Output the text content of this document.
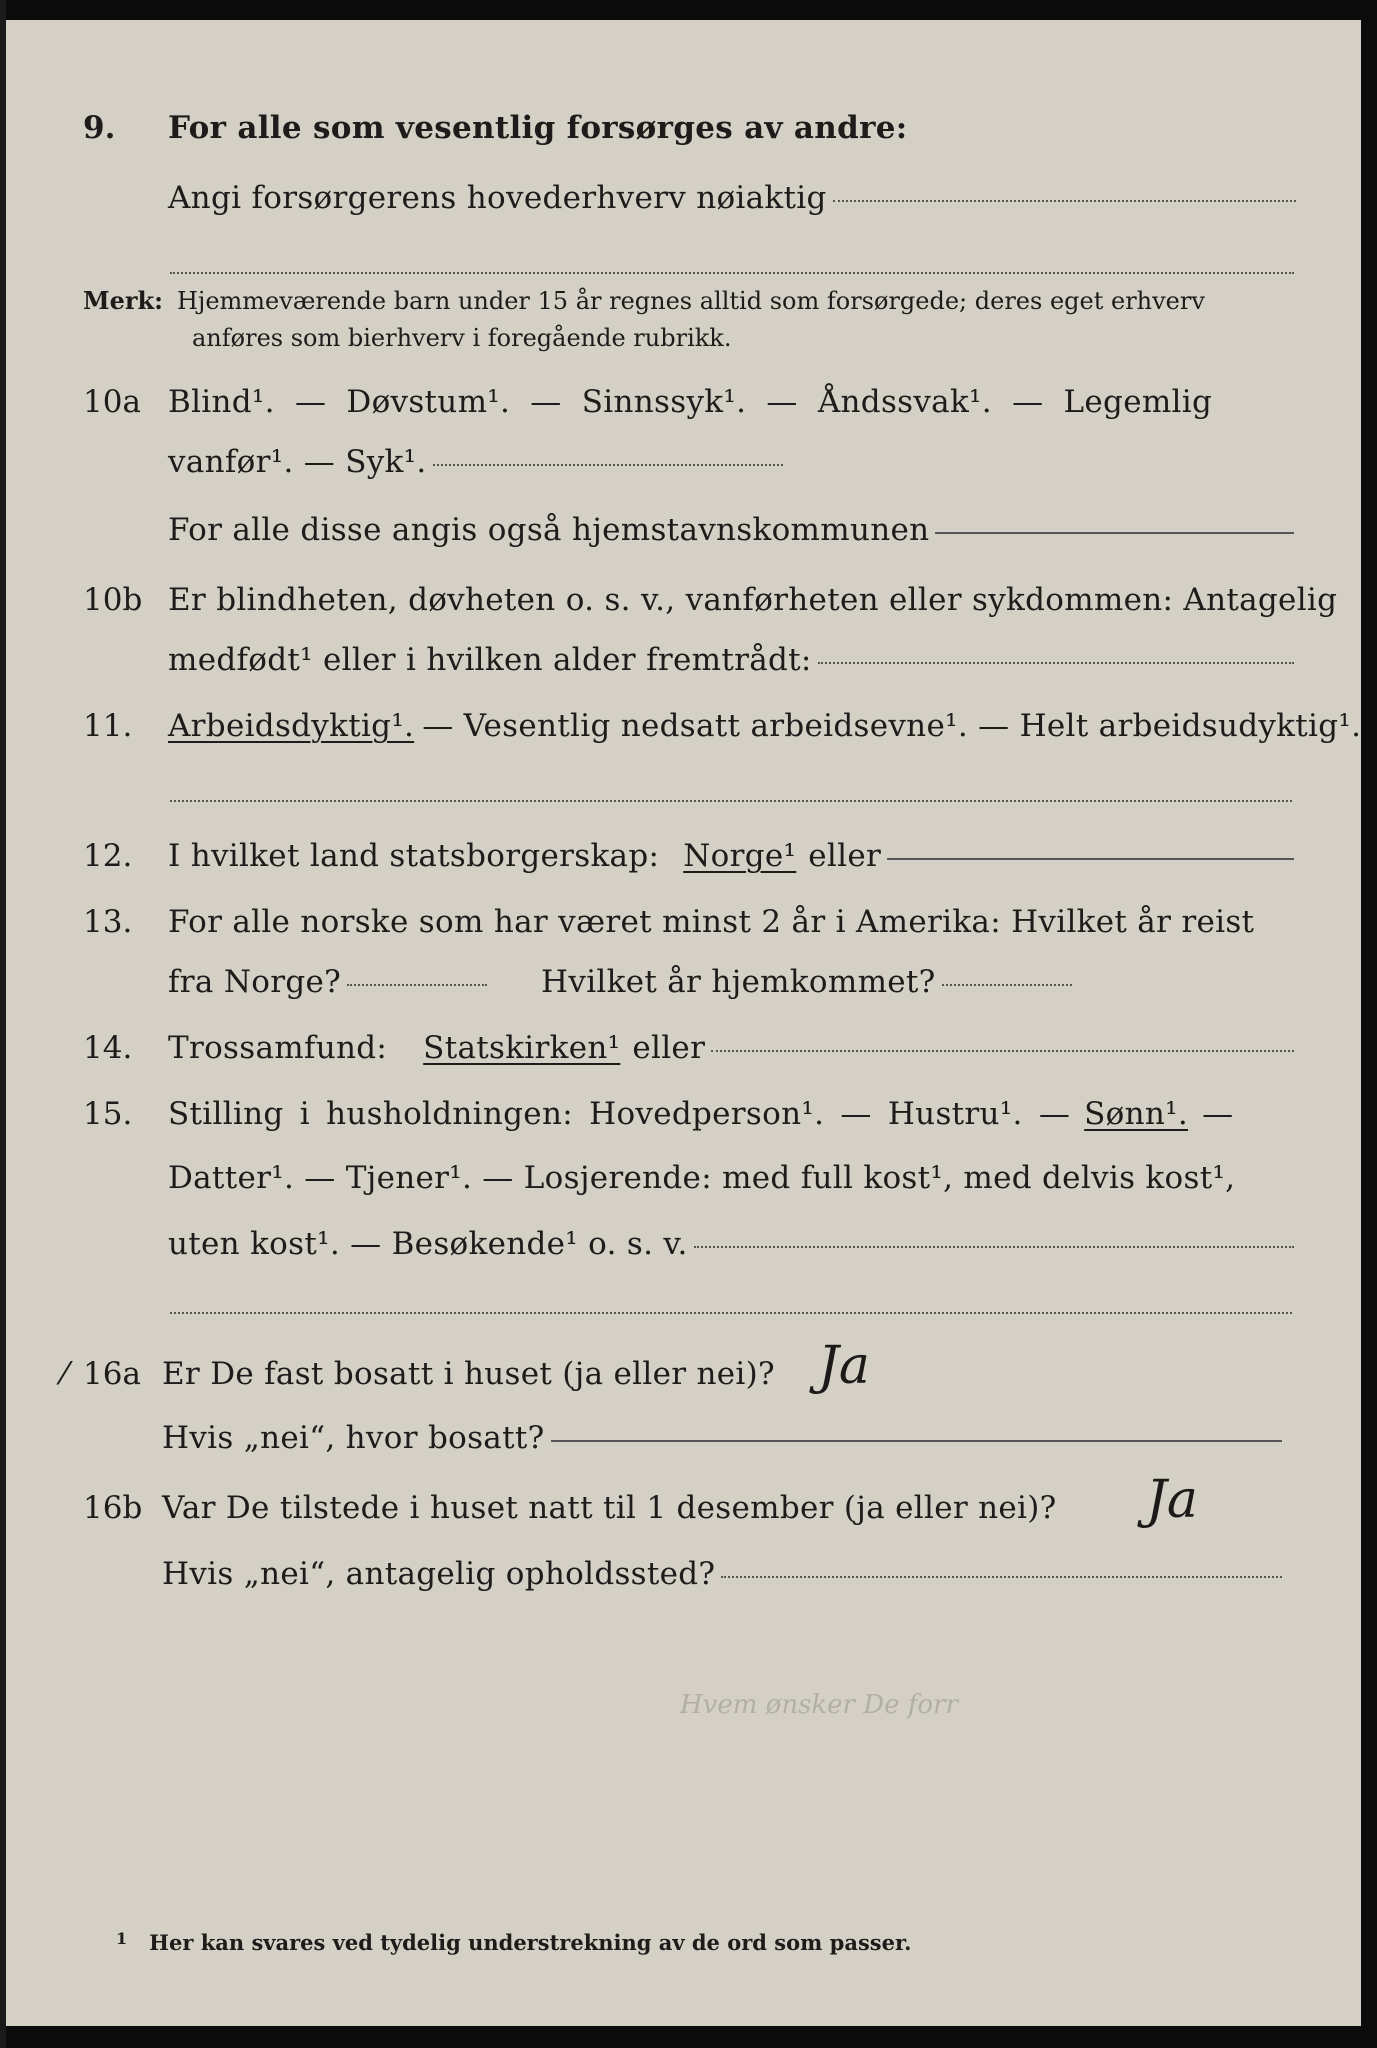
9. For alle som vesentlig forsørges av andre:
Angi forsørgerens hovederhverv nøiaktig
Merk: Hjemmeværende barn under 15 år regnes alltid som forsørgede; deres eget erhverv
anføres som bierhverv i foregående rubrikk.
10a Blind¹. — Døvstum¹. — Sinnssyk¹. — Åndssvak¹. — Legemlig
vanfør¹. — Syk¹.
For alle disse angis også hjemstavnskommunen
10b Er blindheten, døvheten o. s. v., vanførheten eller sykdommen: Antagelig
medfødt¹ eller i hvilken alder fremtrådt:
11. Arbeidsdyktig¹. — Vesentlig nedsatt arbeidsevne¹. — Helt arbeidsudyktig¹.
12. I hvilket land statsborgerskap: Norge¹ eller
13. For alle norske som har været minst 2 år i Amerika: Hvilket år reist
fra Norge?	Hvilket år hjemkommet?
14. Trossamfund: Statskirken¹ eller
15. Stilling i husholdningen: Hovedperson¹. — Hustru¹. — Sønn¹. —
Datter¹. — Tjener¹. — Losjerende: med full kost¹, med delvis kost¹,
uten kost¹. — Besøkende¹ o. s. v.
⁄ 16a Er De fast bosatt i huset (ja eller nei)? Ja
Hvis „nei“, hvor bosatt?
16b Var De tilstede i huset natt til 1 desember (ja eller nei)? Ja
Hvis „nei“, antagelig opholdssted?
Hvem ønsker De forr
1 Her kan svares ved tydelig understrekning av de ord som passer.
